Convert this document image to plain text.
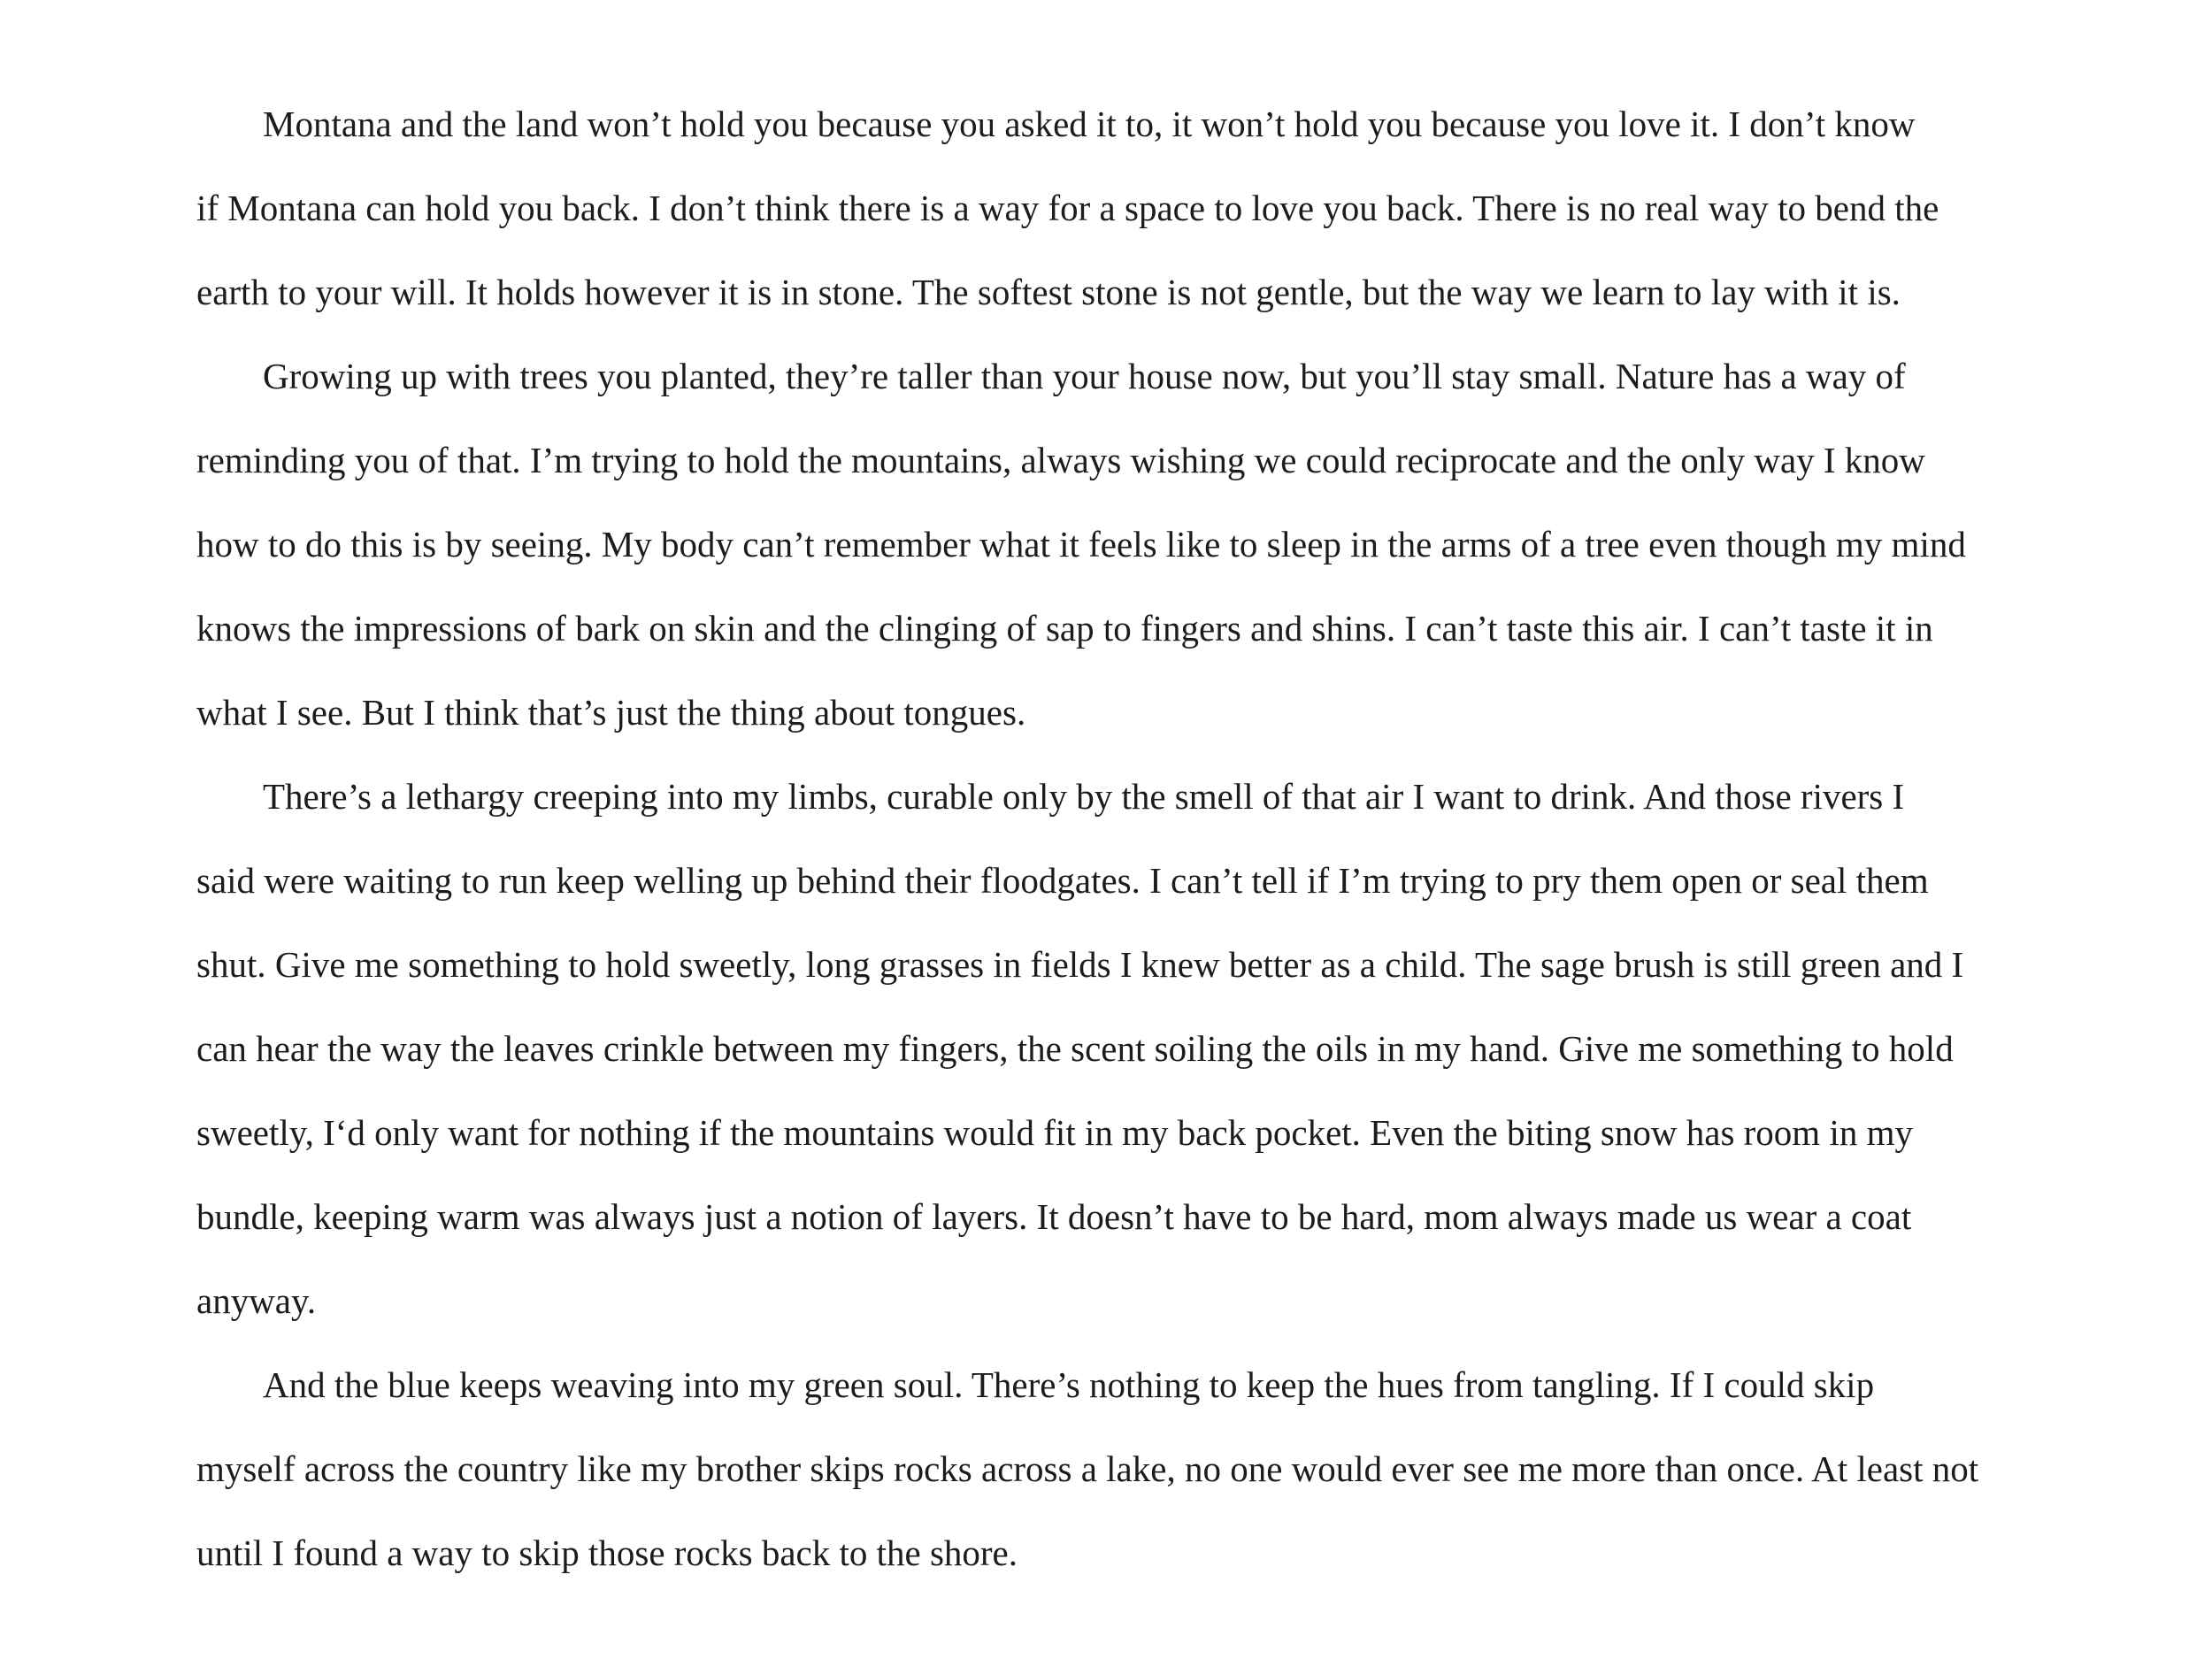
Montana and the land won’t hold you because you asked it to, it won’t hold you because you love it. I don’t know
if Montana can hold you back. I don’t think there is a way for a space to love you back. There is no real way to bend the
earth to your will. It holds however it is in stone. The softest stone is not gentle, but the way we learn to lay with it is.
Growing up with trees you planted, they’re taller than your house now, but you’ll stay small. Nature has a way of
reminding you of that. I’m trying to hold the mountains, always wishing we could reciprocate and the only way I know
how to do this is by seeing. My body can’t remember what it feels like to sleep in the arms of a tree even though my mind
knows the impressions of bark on skin and the clinging of sap to fingers and shins. I can’t taste this air. I can’t taste it in
what I see. But I think that’s just the thing about tongues.
There’s a lethargy creeping into my limbs, curable only by the smell of that air I want to drink. And those rivers I
said were waiting to run keep welling up behind their floodgates. I can’t tell if I’m trying to pry them open or seal them
shut. Give me something to hold sweetly, long grasses in fields I knew better as a child. The sage brush is still green and I
can hear the way the leaves crinkle between my fingers, the scent soiling the oils in my hand. Give me something to hold
sweetly, I‘d only want for nothing if the mountains would fit in my back pocket. Even the biting snow has room in my
bundle, keeping warm was always just a notion of layers. It doesn’t have to be hard, mom always made us wear a coat
anyway.
And the blue keeps weaving into my green soul. There’s nothing to keep the hues from tangling. If I could skip
myself across the country like my brother skips rocks across a lake, no one would ever see me more than once. At least not
until I found a way to skip those rocks back to the shore.
